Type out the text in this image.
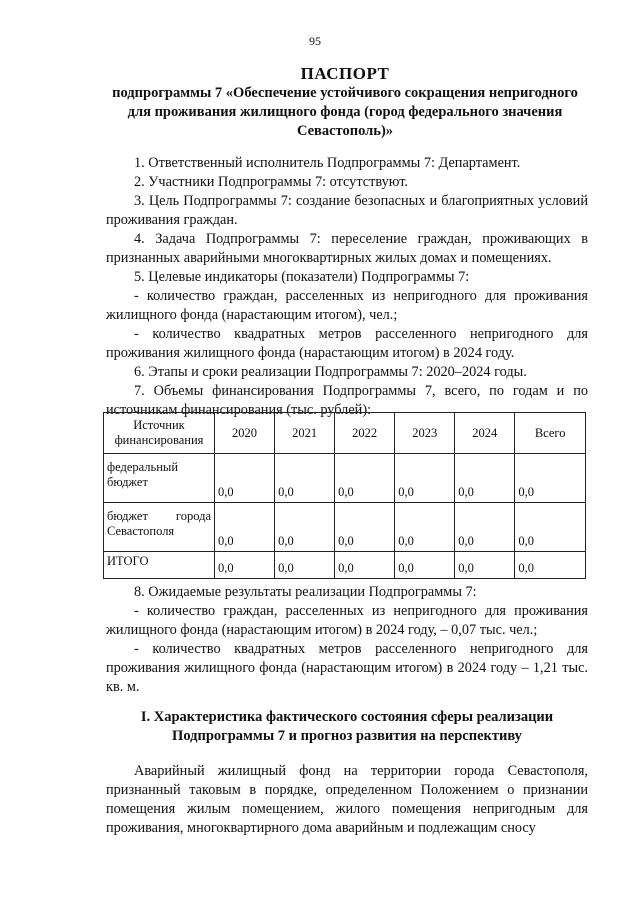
95
ПАСПОРТ
подпрограммы 7 «Обеспечение устойчивого сокращения непригодного для проживания жилищного фонда (город федерального значения Севастополь)»

1. Ответственный исполнитель Подпрограммы 7: Департамент.

2. Участники Подпрограммы 7: отсутствуют.

3. Цель Подпрограммы 7: создание безопасных и благоприятных условий проживания граждан.

4. Задача Подпрограммы 7: переселение граждан, проживающих в признанных аварийными многоквартирных жилых домах и помещениях.

5. Целевые индикаторы (показатели) Подпрограммы 7:

- количество граждан, расселенных из непригодного для проживания жилищного фонда (нарастающим итогом), чел.;

- количество квадратных метров расселенного непригодного для проживания жилищного фонда (нарастающим итогом) в 2024 году.

6. Этапы и сроки реализации Подпрограммы 7: 2020–2024 годы.

7. Объемы финансирования Подпрограммы 7, всего, по годам и по источникам финансирования (тыс. рублей):

Источник финансирования	2020	2021	2022	2023	2024	Всего
федеральный бюджет	0,0	0,0	0,0	0,0	0,0	0,0

бюджет города
Севастополя	0,0	0,0	0,0	0,0	0,0	0,0
ИТОГО	0,0	0,0	0,0	0,0	0,0	0,0

8. Ожидаемые результаты реализации Подпрограммы 7:

- количество граждан, расселенных из непригодного для проживания жилищного фонда (нарастающим итогом) в 2024 году, – 0,07 тыс. чел.;

- количество квадратных метров расселенного непригодного для проживания жилищного фонда (нарастающим итогом) в 2024 году – 1,21 тыс. кв. м.

I. Характеристика фактического состояния сферы реализации Подпрограммы 7 и прогноз развития на перспективу

Аварийный жилищный фонд на территории города Севастополя, признанный таковым в порядке, определенном Положением о признании помещения жилым помещением, жилого помещения непригодным для проживания, многоквартирного дома аварийным и подлежащим сносу
